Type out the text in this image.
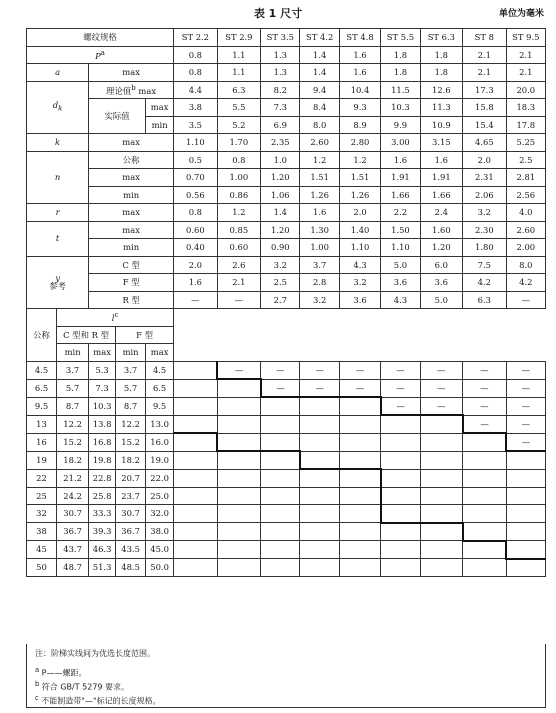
表 1 尺寸	单位为毫米
螺纹规格					ST 2.2	ST 2.9	ST 3.5	ST 4.2	ST 4.8	ST 5.5	ST 6.3	ST 8	ST 9.5
$P^a$					0.8	1.1	1.3	1.4	1.6	1.8	1.8	2.1	2.1
a		max			0.8	1.1	1.3	1.4	1.6	1.8	1.8	2.1	2.1
$d_k$		理论值$^b$ max			4.4	6.3	8.2	9.4	10.4	11.5	12.6	17.3	20.0
		实际值		max	3.8	5.5	7.3	8.4	9.3	10.3	11.3	15.8	18.3
				min	3.5	5.2	6.9	8.0	8.9	9.9	10.9	15.4	17.8
k		max			1.10	1.70	2.35	2.60	2.80	3.00	3.15	4.65	5.25
n		公称			0.5	0.8	1.0	1.2	1.2	1.6	1.6	2.0	2.5
		max			0.70	1.00	1.20	1.51	1.51	1.91	1.91	2.31	2.81
		min			0.56	0.86	1.06	1.26	1.26	1.66	1.66	2.06	2.56
r		max			0.8	1.2	1.4	1.6	2.0	2.2	2.4	3.2	4.0
t		max			0.60	0.85	1.20	1.30	1.40	1.50	1.60	2.30	2.60
		min			0.40	0.60	0.90	1.00	1.10	1.10	1.20	1.80	2.00
y
参考		C 型			2.0	2.6	3.2	3.7	4.3	5.0	6.0	7.5	8.0
		F 型			1.6	2.1	2.5	2.8	3.2	3.6	3.6	4.2	4.2
		R 型			—	—	2.7	3.2	3.6	4.3	5.0	6.3	—
公称	$l^c$	
	C 型和 R 型		F 型										
	min	max	min	max									
4.5	3.7	5.3	3.7	4.5		—	—	—	—	—	—	—	—
6.5	5.7	7.3	5.7	6.5			—	—	—	—	—	—	—
9.5	8.7	10.3	8.7	9.5						—	—	—	—
13	12.2	13.8	12.2	13.0								—	—
16	15.2	16.8	15.2	16.0									—
19	18.2	19.8	18.2	19.0									
22	21.2	22.8	20.7	22.0									
25	24.2	25.8	23.7	25.0									
32	30.7	33.3	30.7	32.0									
38	36.7	39.3	36.7	38.0									
45	43.7	46.3	43.5	45.0									
50	48.7	51.3	48.5	50.0									
注：阶梯实线间为优选长度范围。
$^a$ P——螺距。
$^b$ 符合 GB/T 5279 要求。
$^c$ 不能制造带"—"标记的长度规格。
